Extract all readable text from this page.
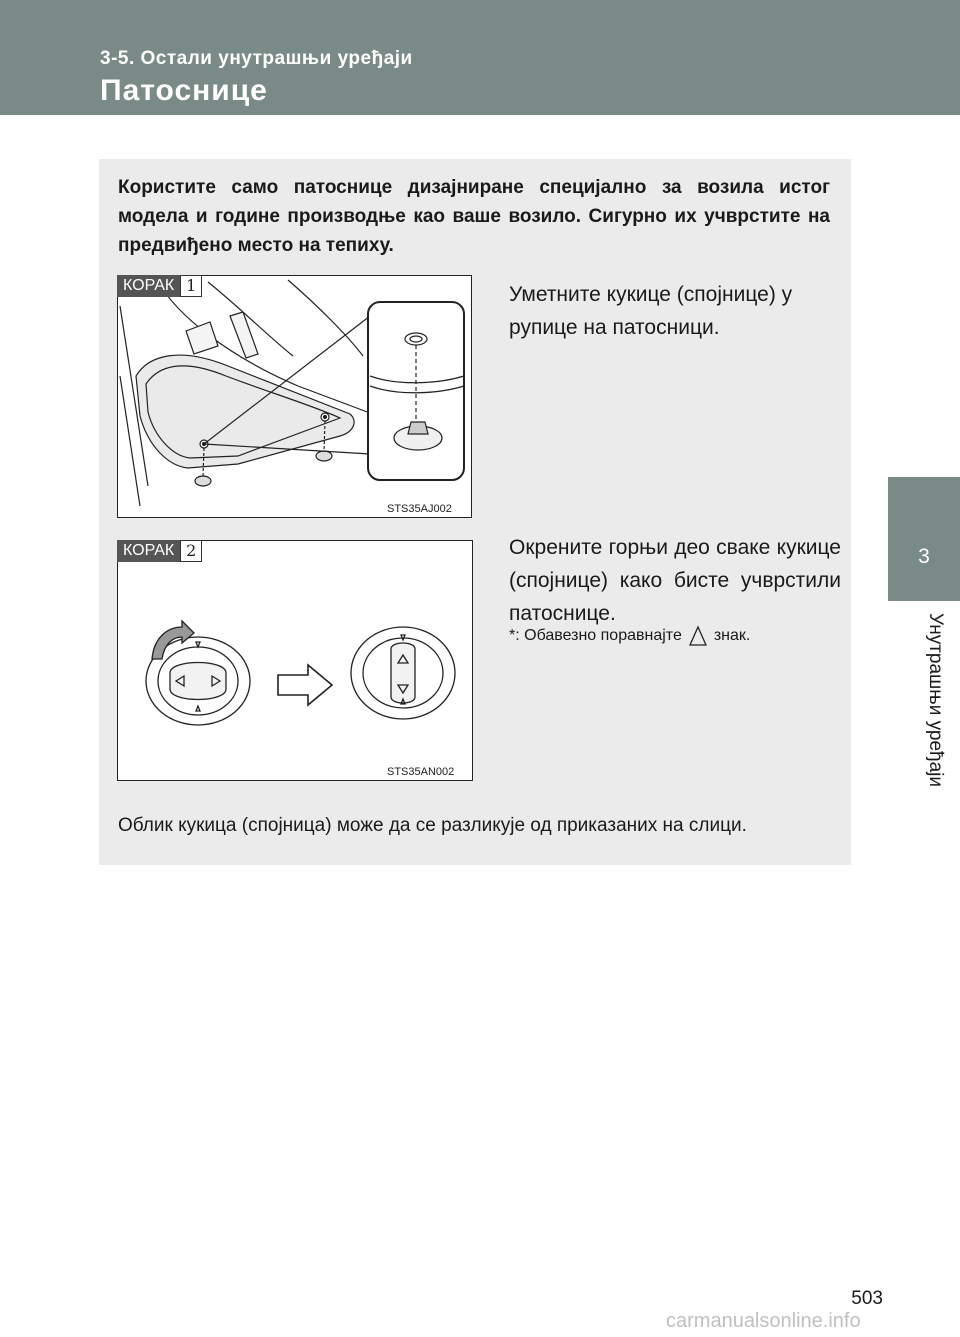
3-5. Остали унутрашњи уређаји
Патоснице
3
Унутрашњи уређаји
Користите само патоснице дизајниране специјално за возила истог модела и године производње као ваше возило. Сигурно их учврстите на предвиђено место на тепиху.
КОРАК 1
STS35AJ002
Уметните кукице (спојнице) у рупице на патосници.
КОРАК 2
STS35AN002
Окрените горњи део сваке кукице (спојнице) како бисте учврстили патоснице.
*: Обавезно поравнајте знак.
Облик кукица (спојница) може да се разликује од приказаних на слици.
503
carmanualsonline.info
